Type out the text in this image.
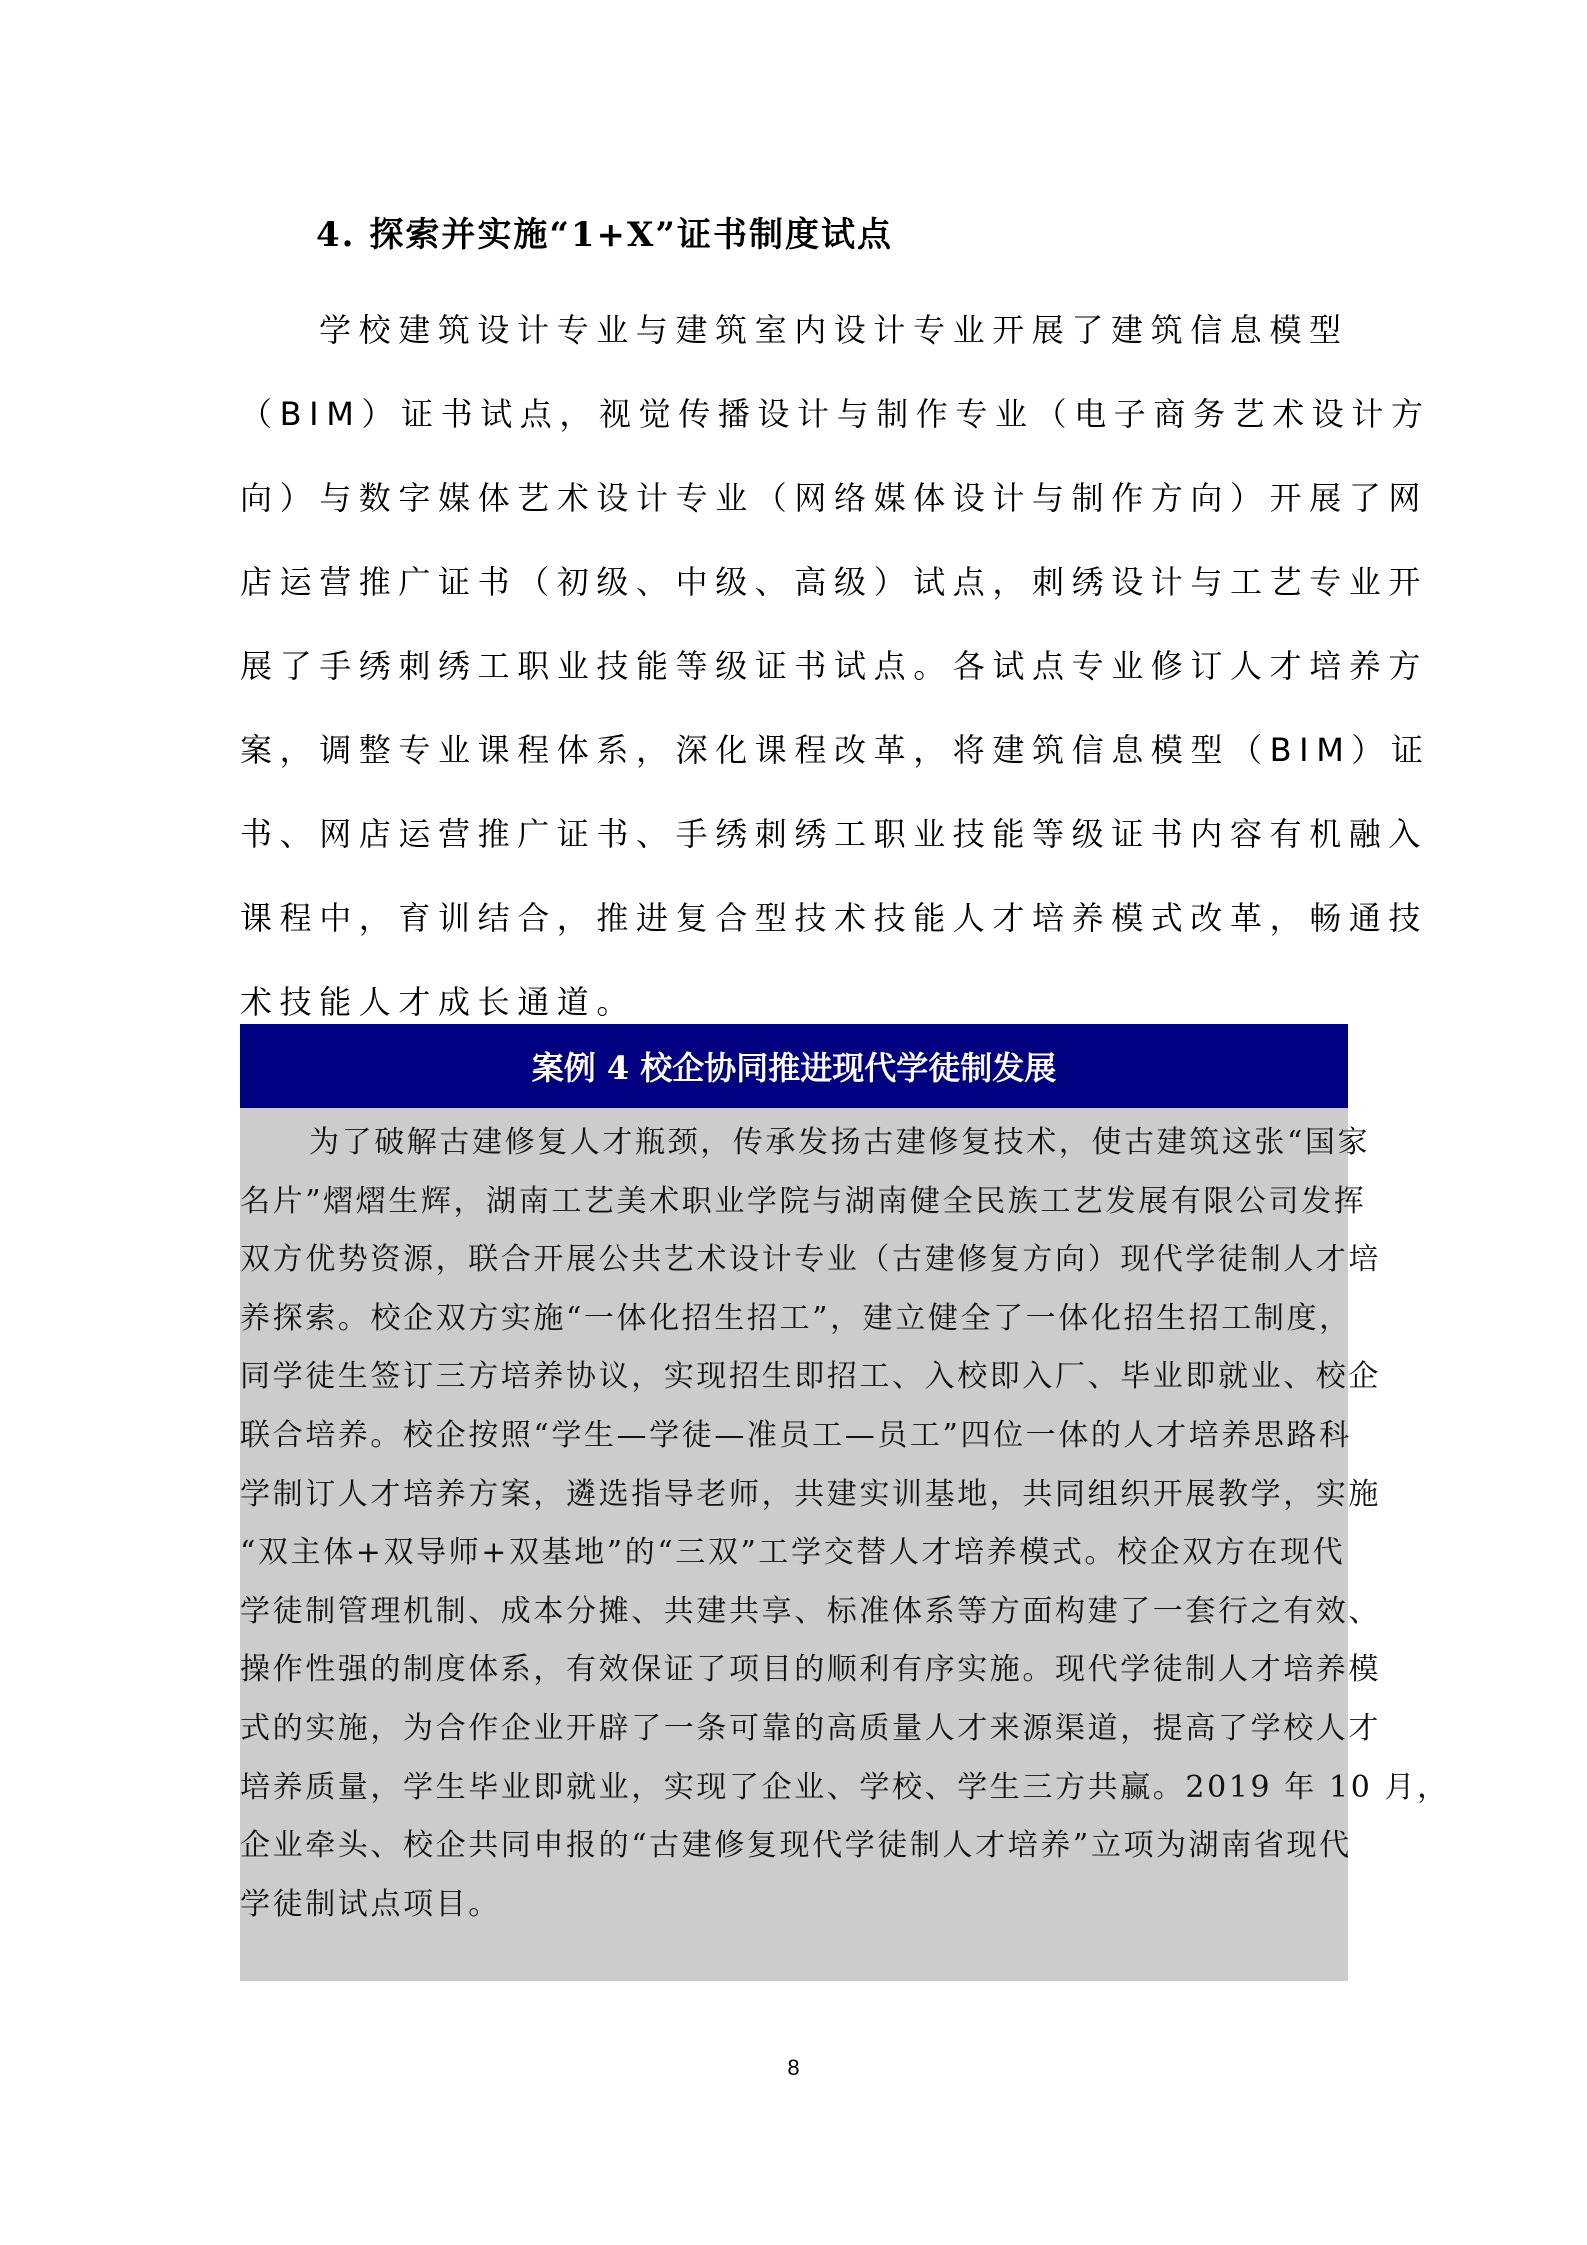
4. 探索并实施“1+X”证书制度试点
学校建筑设计专业与建筑室内设计专业开展了建筑信息模型
（BIM）证书试点，视觉传播设计与制作专业（电子商务艺术设计方
向）与数字媒体艺术设计专业（网络媒体设计与制作方向）开展了网
店运营推广证书（初级、中级、高级）试点，刺绣设计与工艺专业开
展了手绣刺绣工职业技能等级证书试点。各试点专业修订人才培养方
案，调整专业课程体系，深化课程改革，将建筑信息模型（BIM）证
书、网店运营推广证书、手绣刺绣工职业技能等级证书内容有机融入
课程中，育训结合，推进复合型技术技能人才培养模式改革，畅通技
术技能人才成长通道。
案例 4 校企协同推进现代学徒制发展
为了破解古建修复人才瓶颈，传承发扬古建修复技术，使古建筑这张“国家
名片”熠熠生辉，湖南工艺美术职业学院与湖南健全民族工艺发展有限公司发挥
双方优势资源，联合开展公共艺术设计专业（古建修复方向）现代学徒制人才培
养探索。校企双方实施“一体化招生招工”，建立健全了一体化招生招工制度，
同学徒生签订三方培养协议，实现招生即招工、入校即入厂、毕业即就业、校企
联合培养。校企按照“学生—学徒—准员工—员工”四位一体的人才培养思路科
学制订人才培养方案，遴选指导老师，共建实训基地，共同组织开展教学，实施
“双主体+双导师+双基地”的“三双”工学交替人才培养模式。校企双方在现代
学徒制管理机制、成本分摊、共建共享、标准体系等方面构建了一套行之有效、
操作性强的制度体系，有效保证了项目的顺利有序实施。现代学徒制人才培养模
式的实施，为合作企业开辟了一条可靠的高质量人才来源渠道，提高了学校人才
培养质量，学生毕业即就业，实现了企业、学校、学生三方共赢。2019 年 10 月，
企业牵头、校企共同申报的“古建修复现代学徒制人才培养”立项为湖南省现代
学徒制试点项目。
8
